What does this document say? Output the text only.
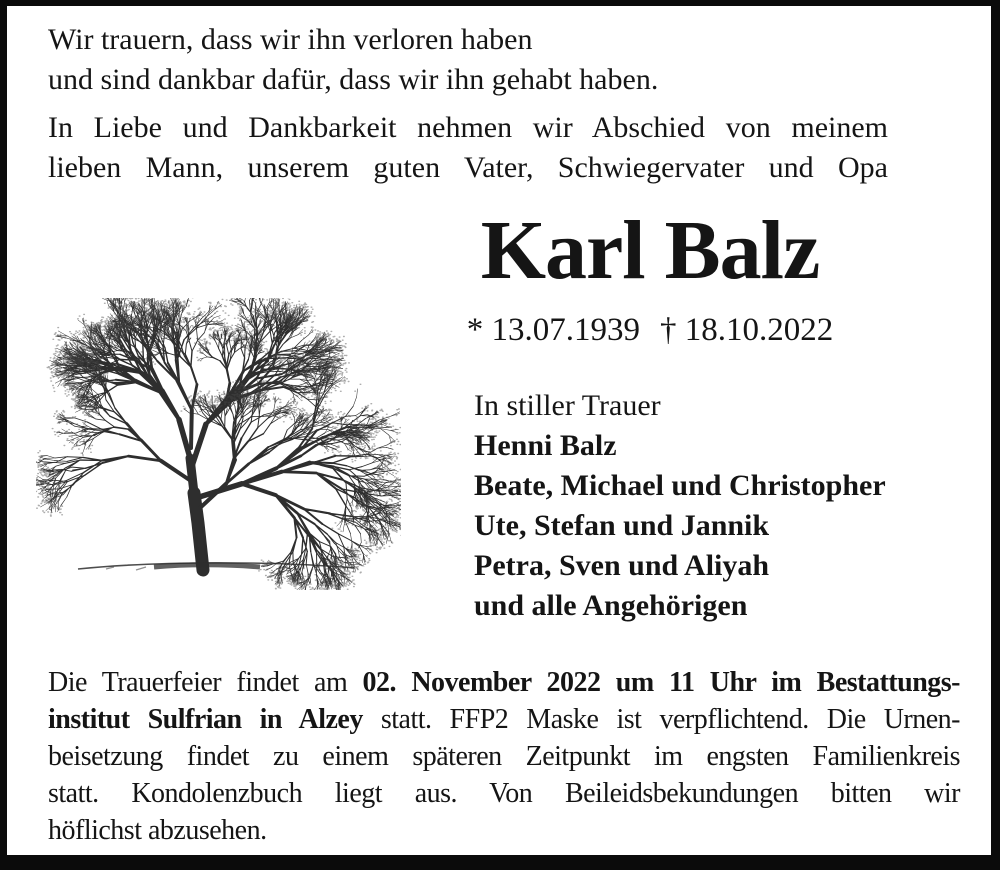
Wir trauern, dass wir ihn verloren haben
und sind dankbar dafür, dass wir ihn gehabt haben.
In Liebe und Dankbarkeit nehmen wir Abschied von meinem
lieben Mann, unserem guten Vater, Schwiegervater und Opa
Karl Balz
* 13.07.1939 † 18.10.2022
In stiller Trauer
Henni Balz
Beate, Michael und Christopher
Ute, Stefan und Jannik
Petra, Sven und Aliyah
und alle Angehörigen
Die Trauerfeier findet am 02. November 2022 um 11 Uhr im Bestattungs-
institut Sulfrian in Alzey statt. FFP2 Maske ist verpflichtend. Die Urnen-
beisetzung findet zu einem späteren Zeitpunkt im engsten Familienkreis
statt. Kondolenzbuch liegt aus. Von Beileidsbekundungen bitten wir
höflichst abzusehen.
